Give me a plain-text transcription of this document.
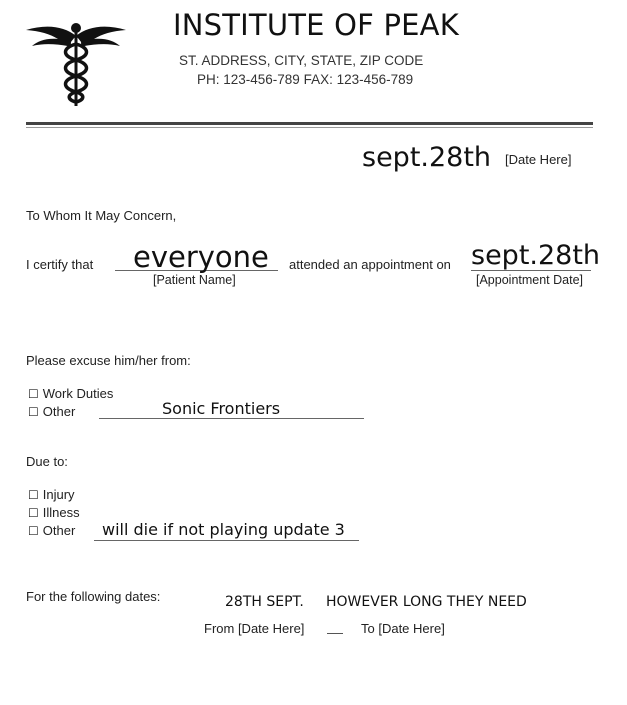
INSTITUTE OF PEAK
ST. ADDRESS, CITY, STATE, ZIP CODE
PH: 123-456-789 FAX: 123-456-789
sept.28th [Date Here]
To Whom It May Concern,
I certify that everyone
[Patient Name]
attended an appointment on sept.28th
[Appointment Date]
Please excuse him/her from:
☐ Work Duties
☐ Other	Sonic Frontiers
Due to:
☐ Injury
☐ Illness
☐ Other will die if not playing update 3
For the following dates:	28TH SEPT. HOWEVER LONG THEY NEED
From [Date Here]	To [Date Here]
